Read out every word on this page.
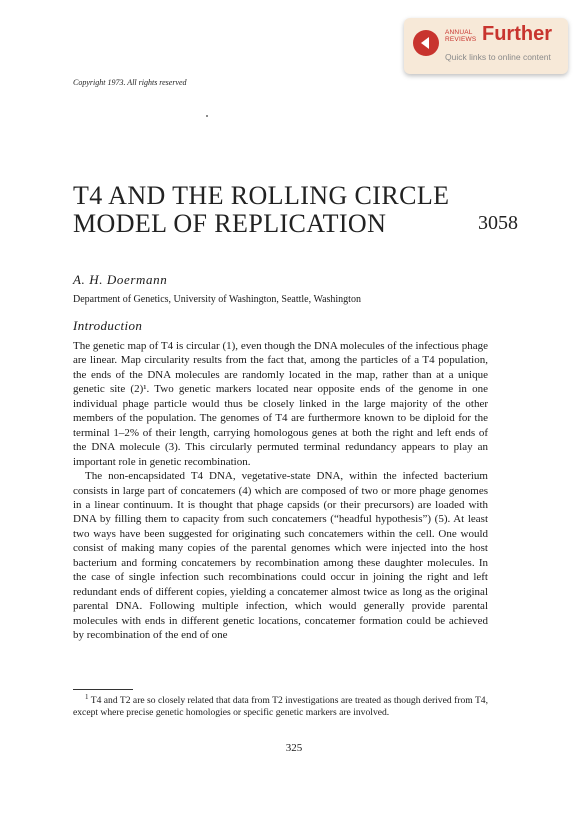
ANNUAL
REVIEWS Further
Quick links to online content
Copyright 1973. All rights reserved
T4 AND THE ROLLING CIRCLE
MODEL OF REPLICATION	3058
A. H. Doermann
Department of Genetics, University of Washington, Seattle, Washington
Introduction

The genetic map of T4 is circular (1), even though the DNA molecules of the infectious phage are linear. Map circularity results from the fact that, among the particles of a T4 population, the ends of the DNA molecules are randomly located in the map, rather than at a unique genetic site (2)¹. Two genetic markers located near opposite ends of the genome in one individual phage particle would thus be closely linked in the large majority of the other members of the population. The genomes of T4 are furthermore known to be diploid for the terminal 1–2% of their length, carrying homologous genes at both the right and left ends of the DNA molecule (3). This circularly permuted terminal redundancy appears to play an important role in genetic recombination.

The non-encapsidated T4 DNA, vegetative-state DNA, within the infected bacterium consists in large part of concatemers (4) which are composed of two or more phage genomes in a linear continuum. It is thought that phage capsids (or their precursors) are loaded with DNA by filling them to capacity from such concatemers (“headful hypothesis”) (5). At least two ways have been suggested for originating such concatemers within the cell. One would consist of making many copies of the parental genomes which were injected into the host bacterium and forming concatemers by recombination among these daughter molecules. In the case of single infection such recombinations could occur in joining the right and left redundant ends of different copies, yielding a concatemer almost twice as long as the original parental DNA. Following multiple infection, which would generally provide parental molecules with ends in different genetic locations, concatemer formation could be achieved by recombination of the end of one

$^1$ T4 and T2 are so closely related that data from T2 investigations are treated as though derived from T4, except where precise genetic homologies or specific genetic markers are involved.
325
